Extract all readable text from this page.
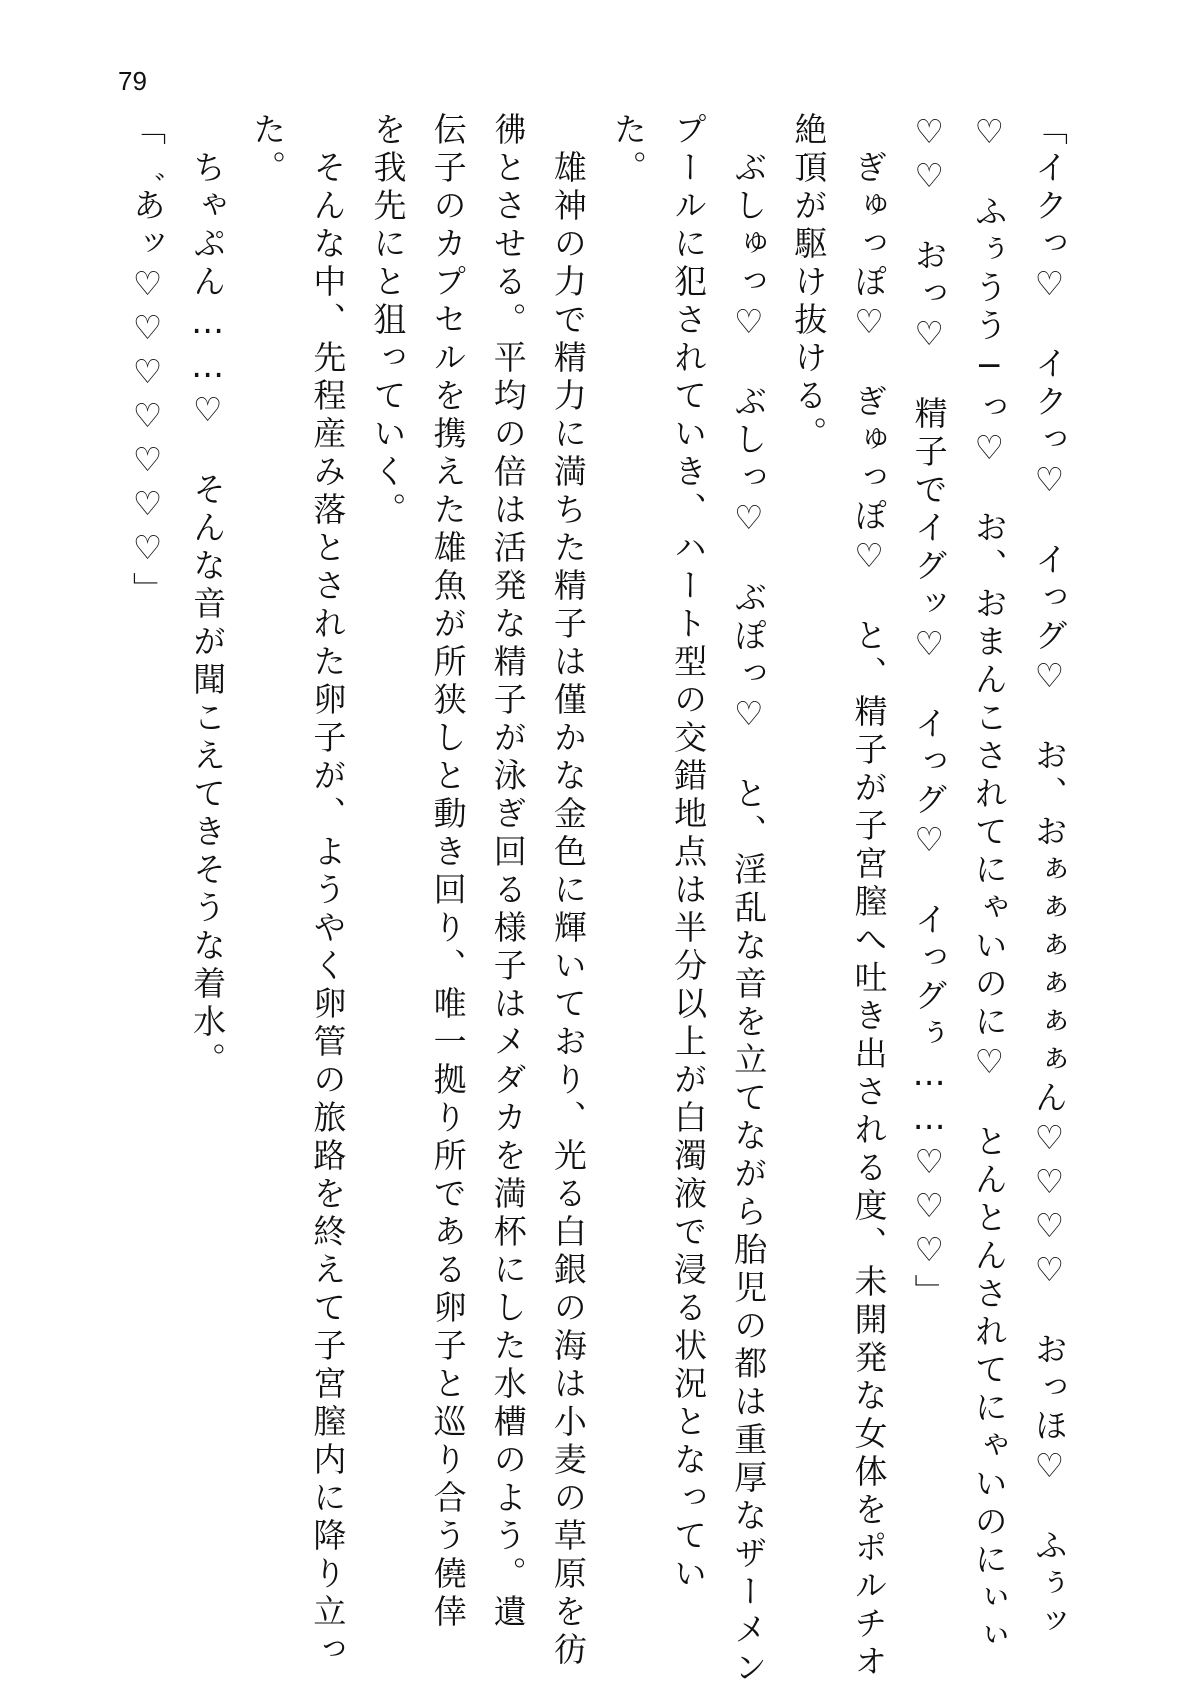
79

「イクっ♡　イクっ♡　イっグ♡　お、おぁぁぁぁぁぁん♡♡♡♡　おっほ♡　ふぅッ

♡　ふぅうう─っ♡　お、おまんこされてにゃいのに♡　とんとんされてにゃいのにぃぃ

♡♡　おっ♡　精子でイグッ♡　イっグ♡　イっグぅ……♡♡♡」

ぎゅっぽ♡　ぎゅっぽ♡　と、精子が子宮膣へ吐き出される度、未開発な女体をポルチオ

絶頂が駆け抜ける。

ぶしゅっ♡　ぶしっ♡　ぶぽっ♡　と、淫乱な音を立てながら胎児の都は重厚なザーメン

プールに犯されていき、ハート型の交錯地点は半分以上が白濁液で浸る状況となってい

た。

雄神の力で精力に満ちた精子は僅かな金色に輝いており、光る白銀の海は小麦の草原を彷

彿とさせる。平均の倍は活発な精子が泳ぎ回る様子はメダカを満杯にした水槽のよう。遺

伝子のカプセルを携えた雄魚が所狭しと動き回り、唯一拠り所である卵子と巡り合う僥倖

を我先にと狙っていく。

そんな中、先程産み落とされた卵子が、ようやく卵管の旅路を終えて子宮膣内に降り立っ

た。

ちゃぷん……♡　そんな音が聞こえてきそうな着水。

「゛あッ♡♡♡♡♡♡♡」
